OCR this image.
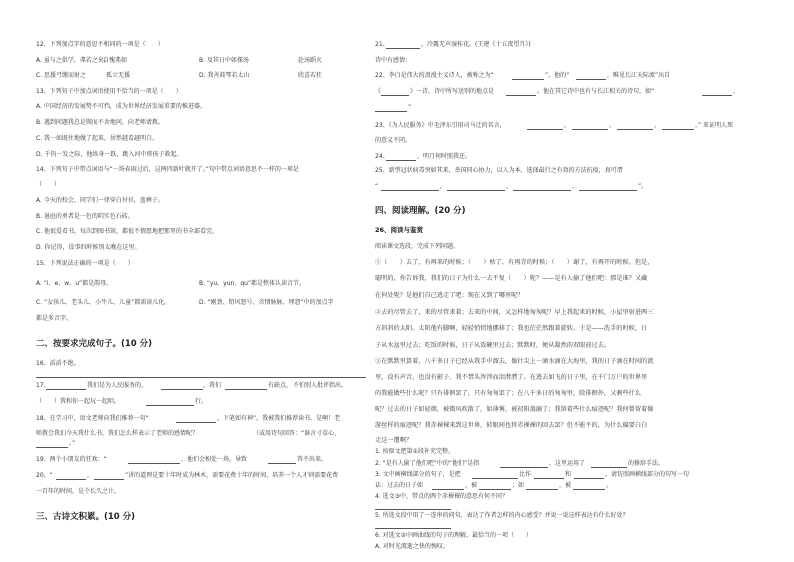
12、下列加点字的意思不相同的一项是（　　）
A. 虽与之俱学，弗若之矣。
自愧弗如	B. 及其日中如探汤	赴汤蹈火
C. 思援弓缴而射之	孤立无援	D. 我善鼓琴若太山	欣喜若狂
13、下列句子中加点词语使用不恰当的一项是（　　）
A. 中国经济的发展势不可挡，成为世界经济发展重要的推进器。
B. 遇到问题我总是锲而不舍地问，向老师请教。
C. 我一如既往地做了起来，居然越看越明白。
D. 千钧一发之际，他纵身一跃，跳入河中将孩子救起。
14、下列句子中带点词语与“一场春雨过后，这两四新叶就开了。”句中带点词语意思不一样的一项是
（　　）
A. 今天的校会，同学们一律穿白衬衫，蓝裤子。
B. 退庭的勇者是一色的阴实色石砖。
C. 他很爱看书，每次到图书馆，都很不情愿地把那里的书全部看完。
D. 你记得，没事的时候别太晚在这里。
15、下列说法正确的一项是（　　）
A. “i、e、w、u”都是韵母。	B. “yu、yun、qu”都是整体认读音节。
C. “女孩儿、老头儿、小牛儿、儿童”都需读儿化。	D. “刚劲、钮风怒号、含情脉脉、埋怨”中的加点字
都是多音字。
二、按要求完成句子。(10 分)
16、滔滔不绝。
17、	我们是为人民服务的，	，我们	有缺点， 不怕别人批评指出。
（　　）我和你一起玩一起唱，	行。
18、在学习中，语文老师向我们推荐一句“	，下笔如有神”。我被我们推荐读书。是啊！老
师教会我们今天我什么书，我们怎么样表示了老师的感情呢？	（或用诗句回答：“谁言寸草心，
。”
19、两个小朋友的狂欢：“	，他们会相处一场，导致	答不出来。
20、“	，	”讲的道理是要十年时成为林木，需要花费十年的时间，培养一个人才则需要花费
一百年的时间，是个长久之计。
三、古诗文积累。(10 分)
21、	，冷露无声湿桂花。(王建《十五夜望月》)
诗中有感情：
22、李白是伟大的浪漫主义诗人，被称之为“	”。他的“	，唯见长江天际流”出自
《	》一诗，诗中所写送别的地点是	。他在其它诗中也有与长江相关的诗句，如“	，
”
23、《为人民服务》中毛泽东引用司马迁的名言，	，	，	，	。” 来证明人死
的意义不同。
24、	，明月何时照我还。
25、新型冠状病毒突如其来，举国同心协力，以人为本，选择最行之有效的方法抗疫，真可谓
“	，	，	，	”。
四、阅读理解。(20 分)
26、阅读与鉴赏
阅读课文选段，完成下列问题。
①（　　）去了，有再来的时候；（　　）枯了，有再青的时候；（　　）谢了，有再开的时候。但是，
聪明的，你告诉我，我们的日子为什么一去不复（　　）呢？——是有人偷了他们吧：那是谁？又藏
在何处呢？是他们自己逃走了吧：现在又到了哪里呢？
②去的尽管去了，来的尽管来着；去来的中间，又怎样地匆匆呢？早上我起来的时候，小屋里射进两三
方斜斜的太阳。太阳他有脚啊，轻轻悄悄地挪移了；我也茫茫然跟着旋转。于是——洗手的时候，日
子从水盆里过去；吃饭的时候，日子从饭碗里过去；默默时，便从凝然的双眼前过去。
③在默默里算着，八千多日子已经从我手中溜去，像针尖上一滴水滴在大海里，我的日子滴在时间的流
里，没有声音，也没有影子。我不禁头涔涔而泪潸潸了。在逃去如飞的日子里，在千门万户的世界里
的我能做些什么呢？只有徘徊罢了，只有匆匆罢了；在八千多日的匆匆里，除徘徊外，又剩些什么
呢？过去的日子如轻烟，被微风吹散了，如薄雾，被初阳蒸融了；我留着些什么痕迹呢？我何曾留着像
游丝样的痕迹呢？我赤裸裸来到这世界，转眼间也将赤裸裸的回去罢？但不能平的，为什么偏要白白
走这一遭啊？
1. 按原文把第①段补充完整。
2. “是有人偷了他们吧”中的“他们”是指	，这里运用了	的修辞手法。
3. 文中画横线部分的句子，是把	比作	和	，请仿照画横线部分的句写一句
话：过去的日子如	，被	；如	，被	。
4. 选文③中，带点的两个赤裸裸的意思有何不同？
5. 所选文段中用了一连串的问句，表达了作者怎样的内心感受？并说一说这样表达有什么好处？
6. 对选文②中画曲线的句子的理解，最恰当的一项（　　）
A. 对时光流逝之快的惋叹。
